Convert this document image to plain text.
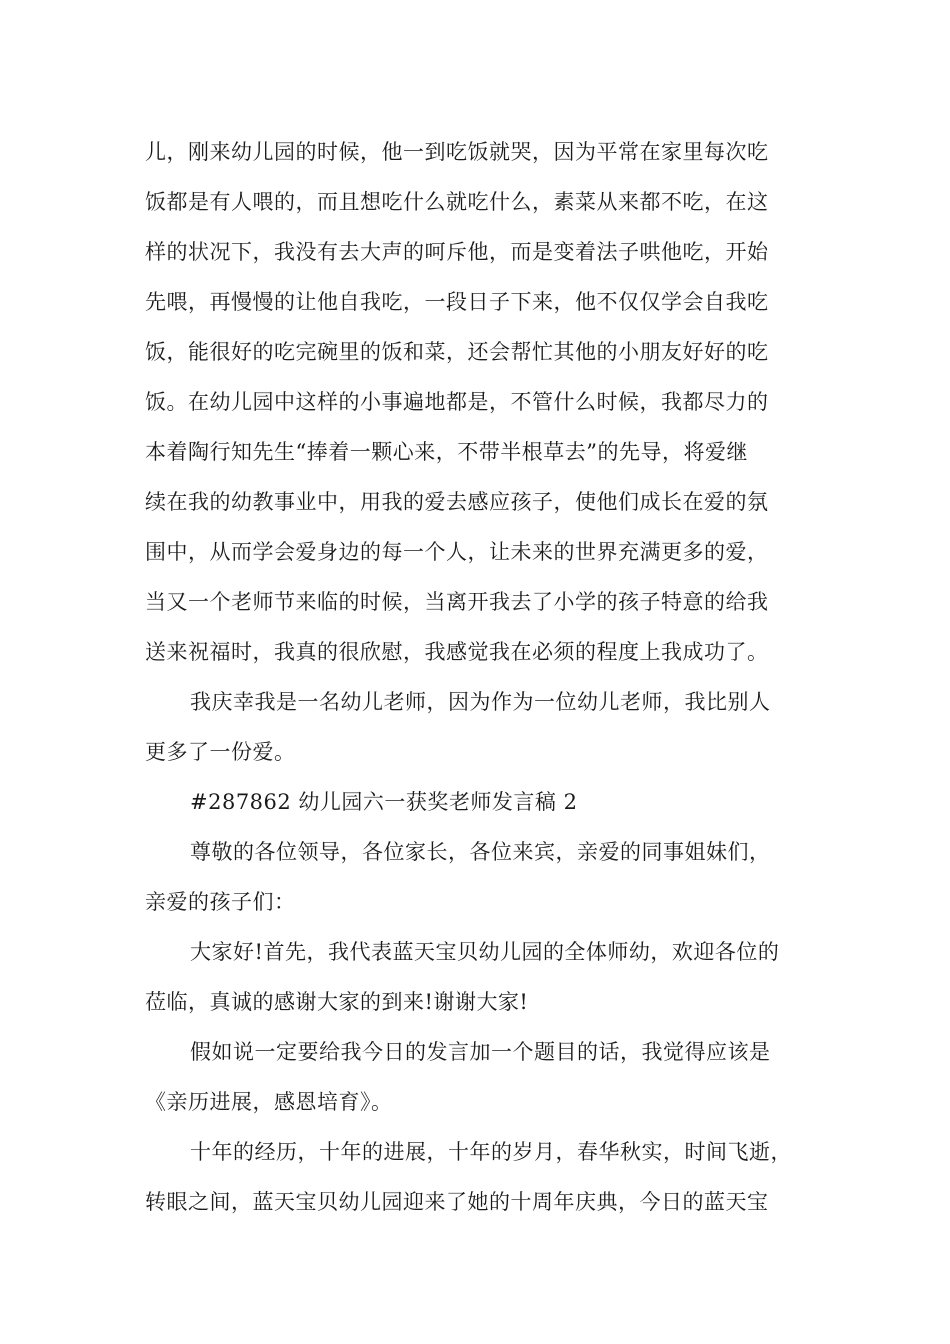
儿，刚来幼儿园的时候，他一到吃饭就哭，因为平常在家里每次吃
饭都是有人喂的，而且想吃什么就吃什么，素菜从来都不吃，在这
样的状况下，我没有去大声的呵斥他，而是变着法子哄他吃，开始
先喂，再慢慢的让他自我吃，一段日子下来，他不仅仅学会自我吃
饭，能很好的吃完碗里的饭和菜，还会帮忙其他的小朋友好好的吃
饭。在幼儿园中这样的小事遍地都是，不管什么时候，我都尽力的
本着陶行知先生“捧着一颗心来，不带半根草去”的先导，将爱继
续在我的幼教事业中，用我的爱去感应孩子，使他们成长在爱的氛
围中，从而学会爱身边的每一个人，让未来的世界充满更多的爱，
当又一个老师节来临的时候，当离开我去了小学的孩子特意的给我
送来祝福时，我真的很欣慰，我感觉我在必须的程度上我成功了。
我庆幸我是一名幼儿老师，因为作为一位幼儿老师，我比别人
更多了一份爱。
#287862 幼儿园六一获奖老师发言稿 2
尊敬的各位领导，各位家长，各位来宾，亲爱的同事姐妹们，
亲爱的孩子们：
大家好!首先，我代表蓝天宝贝幼儿园的全体师幼，欢迎各位的
莅临，真诚的感谢大家的到来!谢谢大家!
假如说一定要给我今日的发言加一个题目的话，我觉得应该是
《亲历进展，感恩培育》。
十年的经历，十年的进展，十年的岁月，春华秋实，时间飞逝，
转眼之间，蓝天宝贝幼儿园迎来了她的十周年庆典，今日的蓝天宝
